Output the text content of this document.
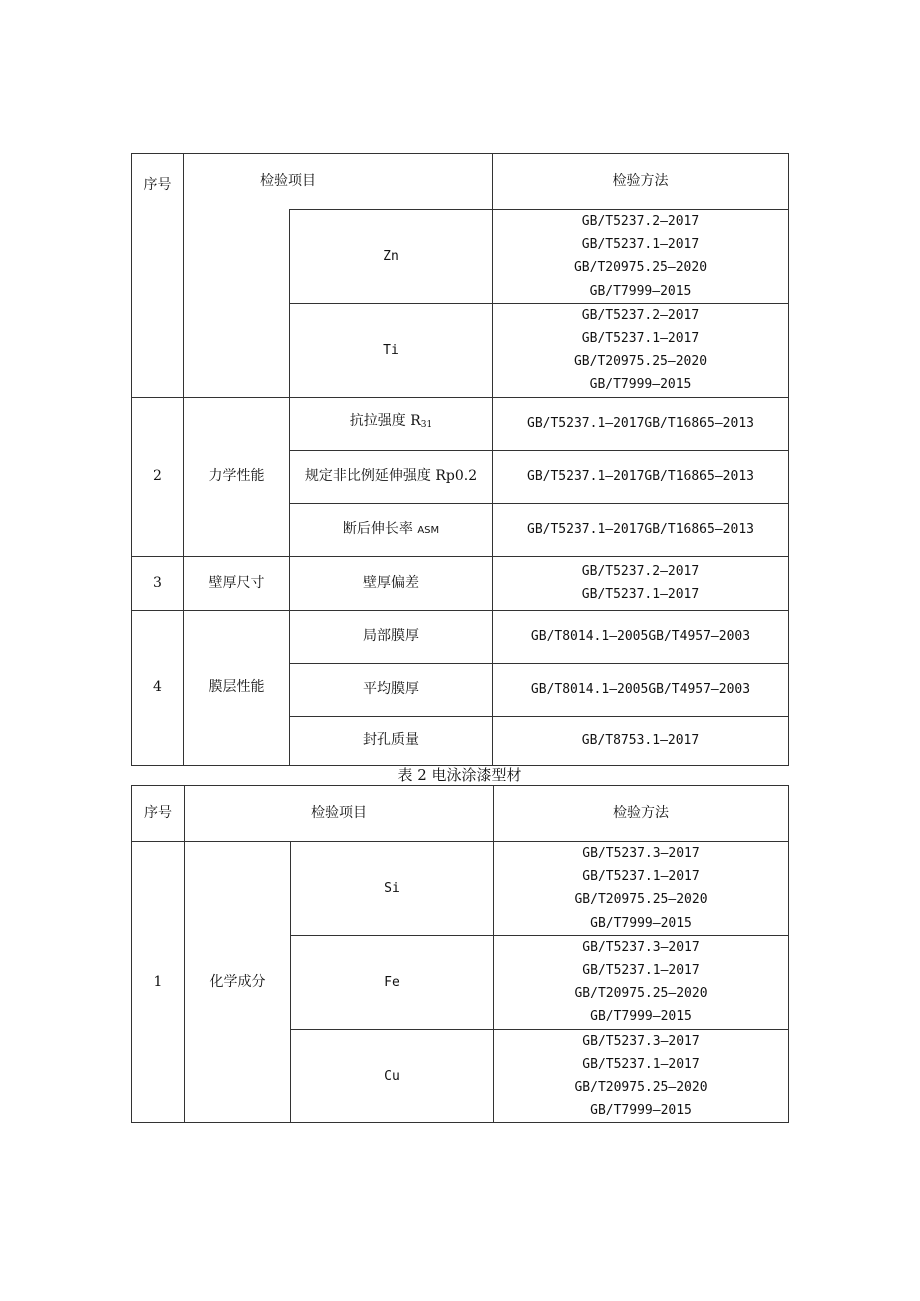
序号	检验项目		检验方法
		Zn	GB/T5237.2—2017
GB/T5237.1—2017
GB/T20975.25—2020
GB/T7999—2015

		Ti	GB/T5237.2—2017
GB/T5237.1—2017
GB/T20975.25—2020
GB/T7999—2015

2	力学性能	抗拉强度 $R_{31}$	GB/T5237.1—2017GB/T16865—2013
		规定非比例延伸强度 Rp0.2	GB/T5237.1—2017GB/T16865—2013
		断后伸长率 ASM	GB/T5237.1—2017GB/T16865—2013
3	壁厚尺寸	壁厚偏差	GB/T5237.2—2017
GB/T5237.1—2017

4	膜层性能	局部膜厚	GB/T8014.1—2005GB/T4957—2003
		平均膜厚	GB/T8014.1—2005GB/T4957—2003
		封孔质量	GB/T8753.1—2017
表 2 电泳涂漆型材
序号	检验项目		检验方法
1	化学成分	Si	GB/T5237.3—2017
GB/T5237.1—2017
GB/T20975.25—2020
GB/T7999—2015

		Fe	GB/T5237.3—2017
GB/T5237.1—2017
GB/T20975.25—2020
GB/T7999—2015

		Cu	GB/T5237.3—2017
GB/T5237.1—2017
GB/T20975.25—2020
GB/T7999—2015
